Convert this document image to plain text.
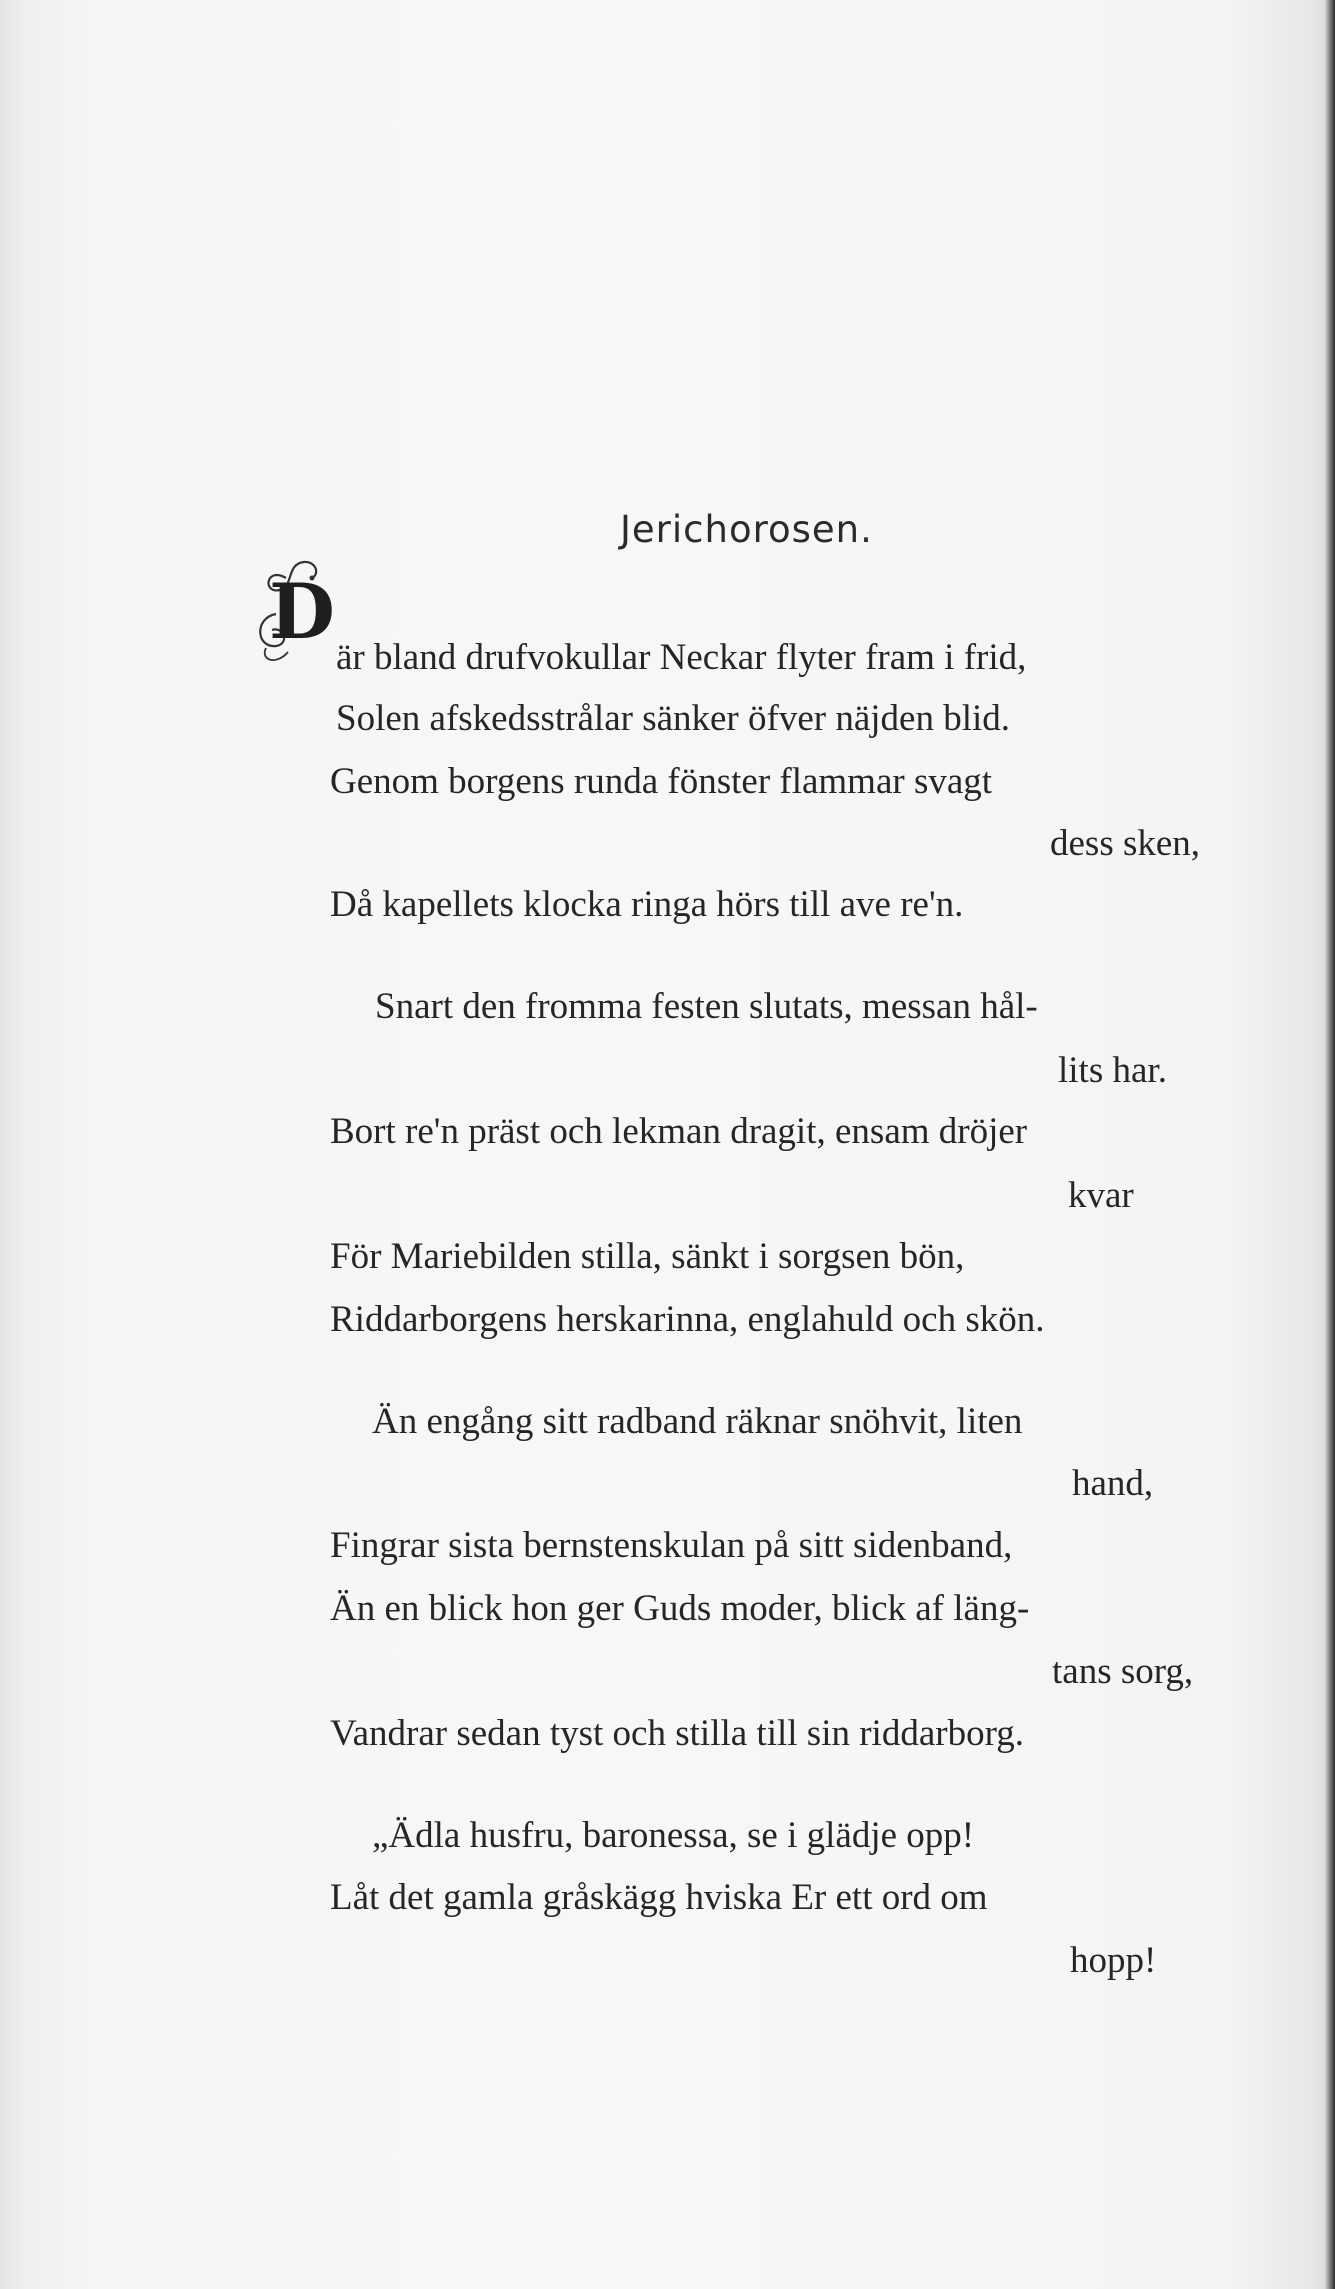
Jerichorosen.
D
är bland drufvokullar Neckar flyter fram i frid,
Solen afskedsstrålar sänker öfver näjden blid.
Genom borgens runda fönster flammar svagt
dess sken,
Då kapellets klocka ringa hörs till ave re'n.
Snart den fromma festen slutats, messan hål-
lits har.
Bort re'n präst och lekman dragit, ensam dröjer
kvar
För Mariebilden stilla, sänkt i sorgsen bön,
Riddarborgens herskarinna, englahuld och skön.
Än engång sitt radband räknar snöhvit, liten
hand,
Fingrar sista bernstenskulan på sitt sidenband,
Än en blick hon ger Guds moder, blick af läng-
tans sorg,
Vandrar sedan tyst och stilla till sin riddarborg.
„Ädla husfru, baronessa, se i glädje opp!
Låt det gamla gråskägg hviska Er ett ord om
hopp!
